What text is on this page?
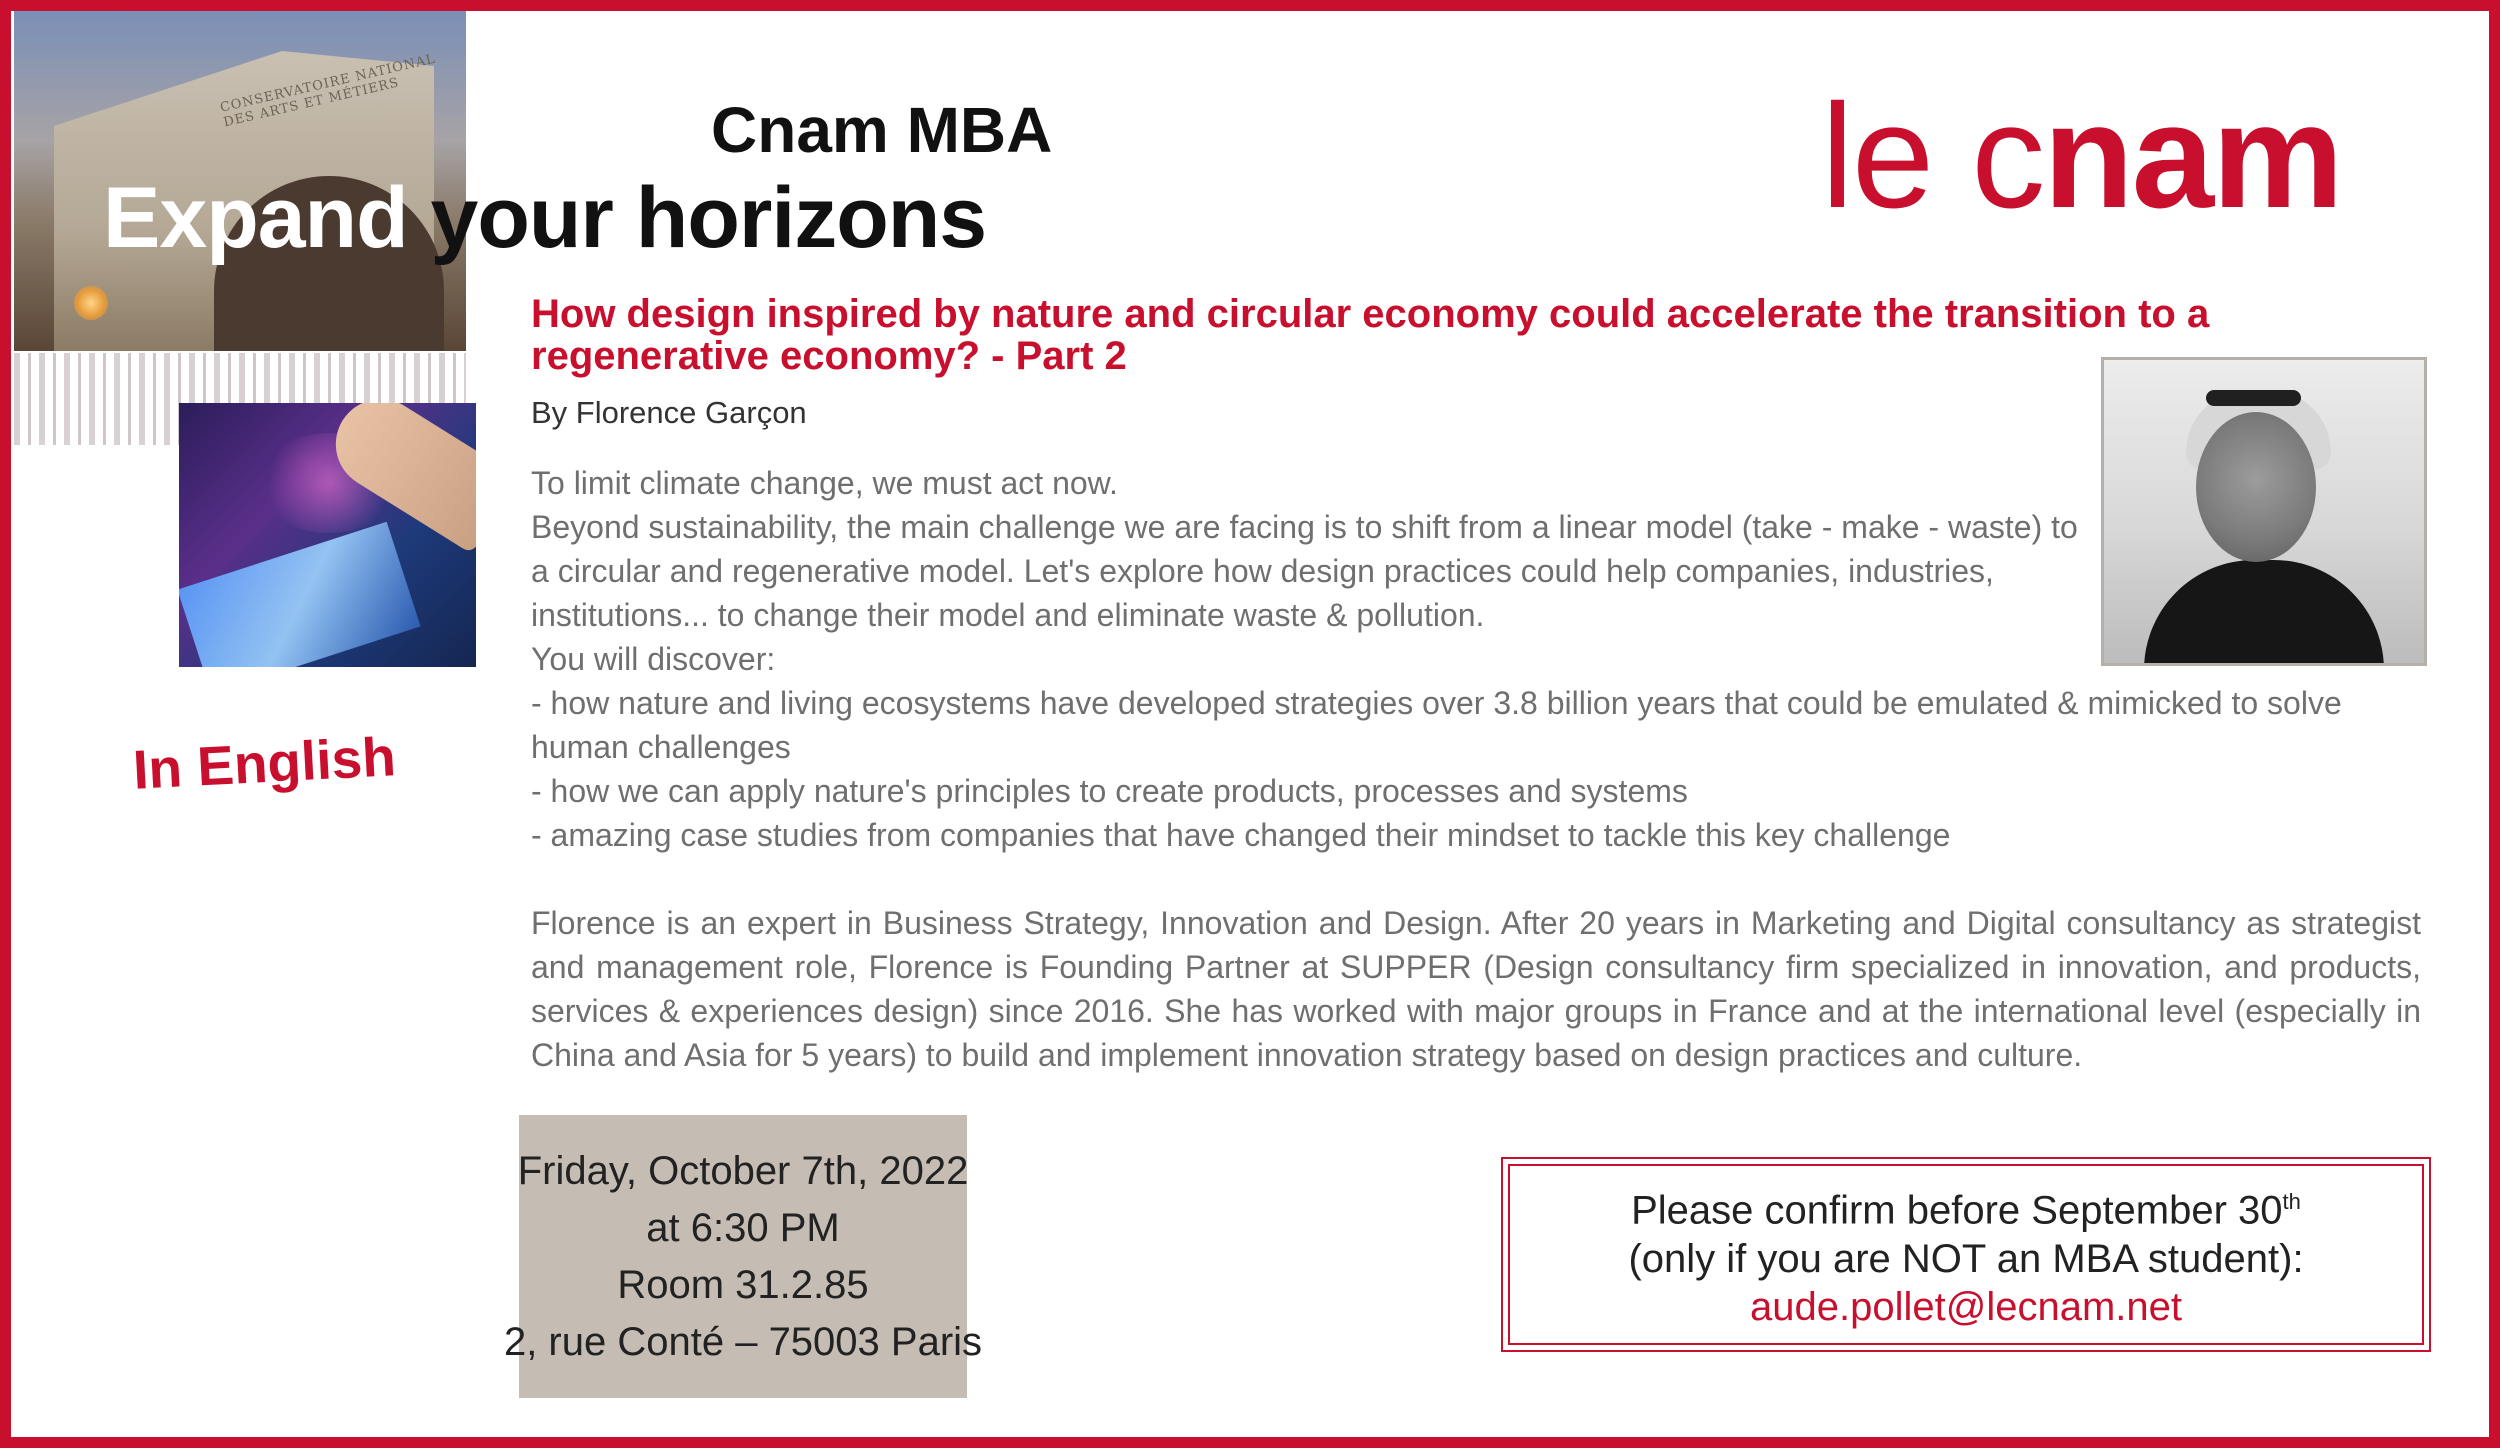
CONSERVATOIRE NATIONAL DES ARTS ET MÉTIERS	Cnam MBA
Expand your horizons	le cnam
In English
How design inspired by nature and circular economy could accelerate the transition to a regenerative economy? - Part 2
By Florence Garçon

To limit climate change, we must act now.

Beyond sustainability, the main challenge we are facing is to shift from a linear model (take - make - waste) to a circular and regenerative model. Let's explore how design practices could help companies, industries, institutions... to change their model and eliminate waste & pollution.

You will discover:

- how nature and living ecosystems have developed strategies over 3.8 billion years that could be emulated & mimicked to solve human challenges

- how we can apply nature's principles to create products, processes and systems

- amazing case studies from companies that have changed their mindset to tackle this key challenge

Florence is an expert in Business Strategy, Innovation and Design. After 20 years in Marketing and Digital consultancy as strategist and management role, Florence is Founding Partner at SUPPER (Design consultancy firm specialized in innovation, and products, services & experiences design) since 2016. She has worked with major groups in France and at the international level (especially in China and Asia for 5 years) to build and implement innovation strategy based on design practices and culture.
Friday, October 7th, 2022
at 6:30 PM
Room 31.2.85
2, rue Conté – 75003 Paris
Please confirm before September 30th
(only if you are NOT an MBA student):
aude.pollet@lecnam.net
